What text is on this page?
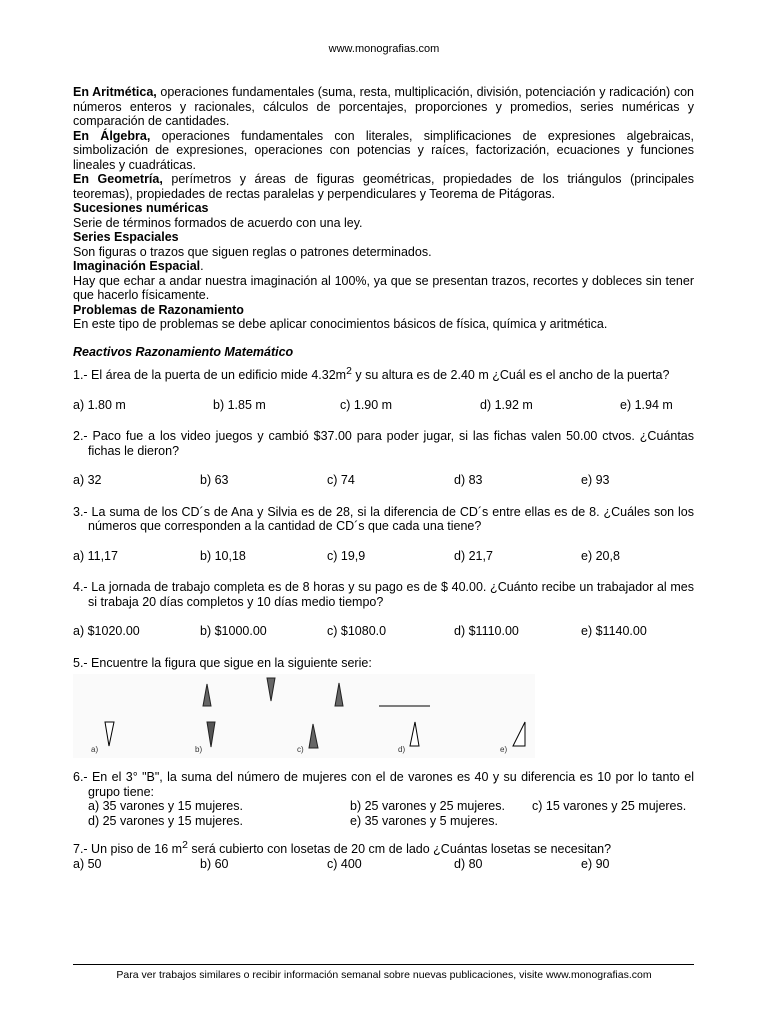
www.monografias.com

En Aritmética, operaciones fundamentales (suma, resta, multiplicación, división, potenciación y radicación) con números enteros y racionales, cálculos de porcentajes, proporciones y promedios, series numéricas y comparación de cantidades.

En Álgebra, operaciones fundamentales con literales, simplificaciones de expresiones algebraicas, simbolización de expresiones, operaciones con potencias y raíces, factorización, ecuaciones y funciones lineales y cuadráticas.

En Geometría, perímetros y áreas de figuras geométricas, propiedades de los triángulos (principales teoremas), propiedades de rectas paralelas y perpendiculares y Teorema de Pitágoras.

Sucesiones numéricas

Serie de términos formados de acuerdo con una ley.

Series Espaciales

Son figuras o trazos que siguen reglas o patrones determinados.

Imaginación Espacial.

Hay que echar a andar nuestra imaginación al 100%, ya que se presentan trazos, recortes y dobleces sin tener que hacerlo físicamente.

Problemas de Razonamiento

En este tipo de problemas se debe aplicar conocimientos básicos de física, química y aritmética.

Reactivos Razonamiento Matemático

1.- El área de la puerta de un edificio mide $4.32m^2$ y su altura es de 2.40 m ¿Cuál es el ancho de la puerta?

a) 1.80 m	b) 1.85 m	c) 1.90 m	d) 1.92 m	e) 1.94 m

2.- Paco fue a los video juegos y cambió $37.00 para poder jugar, si las fichas valen 50.00 ctvos. ¿Cuántas fichas le dieron?

a) 32	b) 63	c) 74	d) 83	e) 93

3.- La suma de los CD´s de Ana y Silvia es de 28, si la diferencia de CD´s entre ellas es de 8. ¿Cuáles son los números que corresponden a la cantidad de CD´s que cada una tiene?

a) 11,17	b) 10,18	c) 19,9	d) 21,7	e) 20,8

4.- La jornada de trabajo completa es de 8 horas y su pago es de $ 40.00. ¿Cuánto recibe un trabajador al mes si trabaja 20 días completos y 10 días medio tiempo?

a) $1020.00	b) $1000.00	c) $1080.0	d) $1110.00	e) $1140.00

5.- Encuentre la figura que sigue en la siguiente serie:

a)	b)	c)	d)	e)

6.- En el 3° "B", la suma del número de mujeres con el de varones es 40 y su diferencia es 10 por lo tanto el grupo tiene:

a) 35 varones y 15 mujeres.	b) 25 varones y 25 mujeres.	c) 15 varones y 25 mujeres.
d) 25 varones y 15 mujeres.	e) 35 varones y 5 mujeres.

7.- Un piso de 16 $m^2$ será cubierto con losetas de 20 cm de lado ¿Cuántas losetas se necesitan?

a) 50	b) 60	c) 400	d) 80	e) 90
Para ver trabajos similares o recibir información semanal sobre nuevas publicaciones, visite www.monografias.com
